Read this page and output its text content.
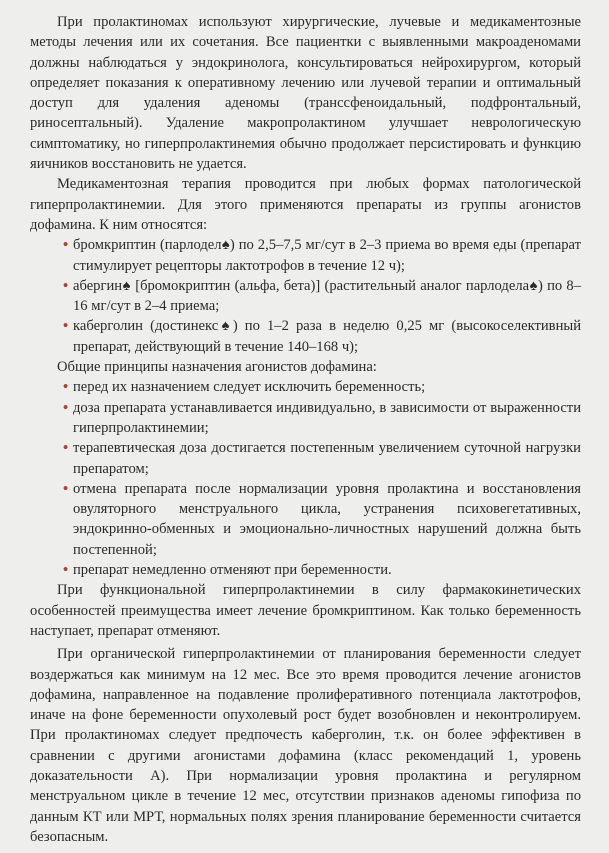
При пролактиномах используют хирургические, лучевые и медикаментозные методы лечения или их сочетания. Все пациентки с выявленными макроаденомами должны наблюдаться у эндокринолога, консультироваться нейрохирургом, который определяет показания к оперативному лечению или лучевой терапии и оптимальный доступ для удаления аденомы (транссфеноидальный, подфронтальный, риносептальный). Удаление макропролактином улучшает неврологическую симптоматику, но гиперпролактинемия обычно продолжает персистировать и функцию яичников восстановить не удается.

Медикаментозная терапия проводится при любых формах патологической гиперпролактинемии. Для этого применяются препараты из группы агонистов дофамина. К ним относятся:

• бромкриптин (парлодел♠) по 2,5–7,5 мг/сут в 2–3 приема во время еды (препарат стимулирует рецепторы лактотрофов в течение 12 ч);
• абергин♠ [бромокриптин (альфа, бета)] (растительный аналог парлодела♠) по 8–16 мг/сут в 2–4 приема;
• каберголин (достинекс♠) по 1–2 раза в неделю 0,25 мг (высокоселективный препарат, действующий в течение 140–168 ч);

Общие принципы назначения агонистов дофамина:

• перед их назначением следует исключить беременность;
• доза препарата устанавливается индивидуально, в зависимости от выраженности гиперпролактинемии;
• терапевтическая доза достигается постепенным увеличением суточной нагрузки препаратом;
• отмена препарата после нормализации уровня пролактина и восстановления овуляторного менструального цикла, устранения психовегетативных, эндокринно-обменных и эмоционально-личностных нарушений должна быть постепенной;
• препарат немедленно отменяют при беременности.

При функциональной гиперпролактинемии в силу фармакокинетических особенностей преимущества имеет лечение бромкриптином. Как только беременность наступает, препарат отменяют.

При органической гиперпролактинемии от планирования беременности следует воздержаться как минимум на 12 мес. Все это время проводится лечение агонистов дофамина, направленное на подавление пролиферативного потенциала лактотрофов, иначе на фоне беременности опухолевый рост будет возобновлен и неконтролируем. При пролактиномах следует предпочесть каберголин, т.к. он более эффективен в сравнении с другими агонистами дофамина (класс рекомендаций 1, уровень доказательности A). При нормализации уровня пролактина и регулярном менструальном цикле в течение 12 мес, отсутствии признаков аденомы гипофиза по данным КТ или МРТ, нормальных полях зрения планирование беременности считается безопасным.
